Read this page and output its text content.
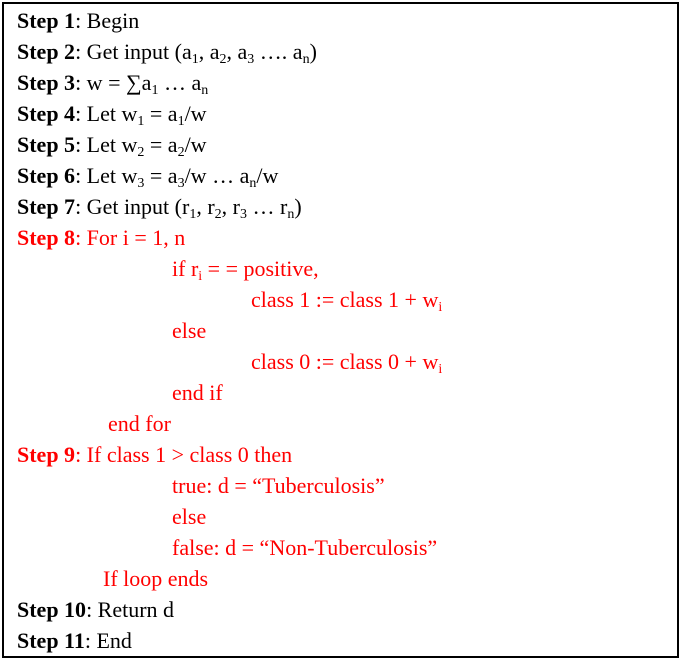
Step 1: Begin
Step 2: Get input ($a_1$, $a_2$, $a_3$ …. $a_n$)
Step 3: $w = \sum a_1$ … $a_n$
Step 4: Let $w_1 = a_1/w$
Step 5: Let $w_2 = a_2/w$
Step 6: Let $w_3 = a_3/w$ … $a_n/w$
Step 7: Get input ($r_1$, $r_2$, $r_3$ … $r_n$)
Step 8: For i = 1, n
if $r_i$ = = positive,
class 1 := class $1 + w_i$
else
class 0 := class $0 + w_i$
end if
end for
Step 9: If class 1 > class 0 then
true: d = “Tuberculosis”
else
false: d = “Non-Tuberculosis”
If loop ends
Step 10: Return d
Step 11: End
